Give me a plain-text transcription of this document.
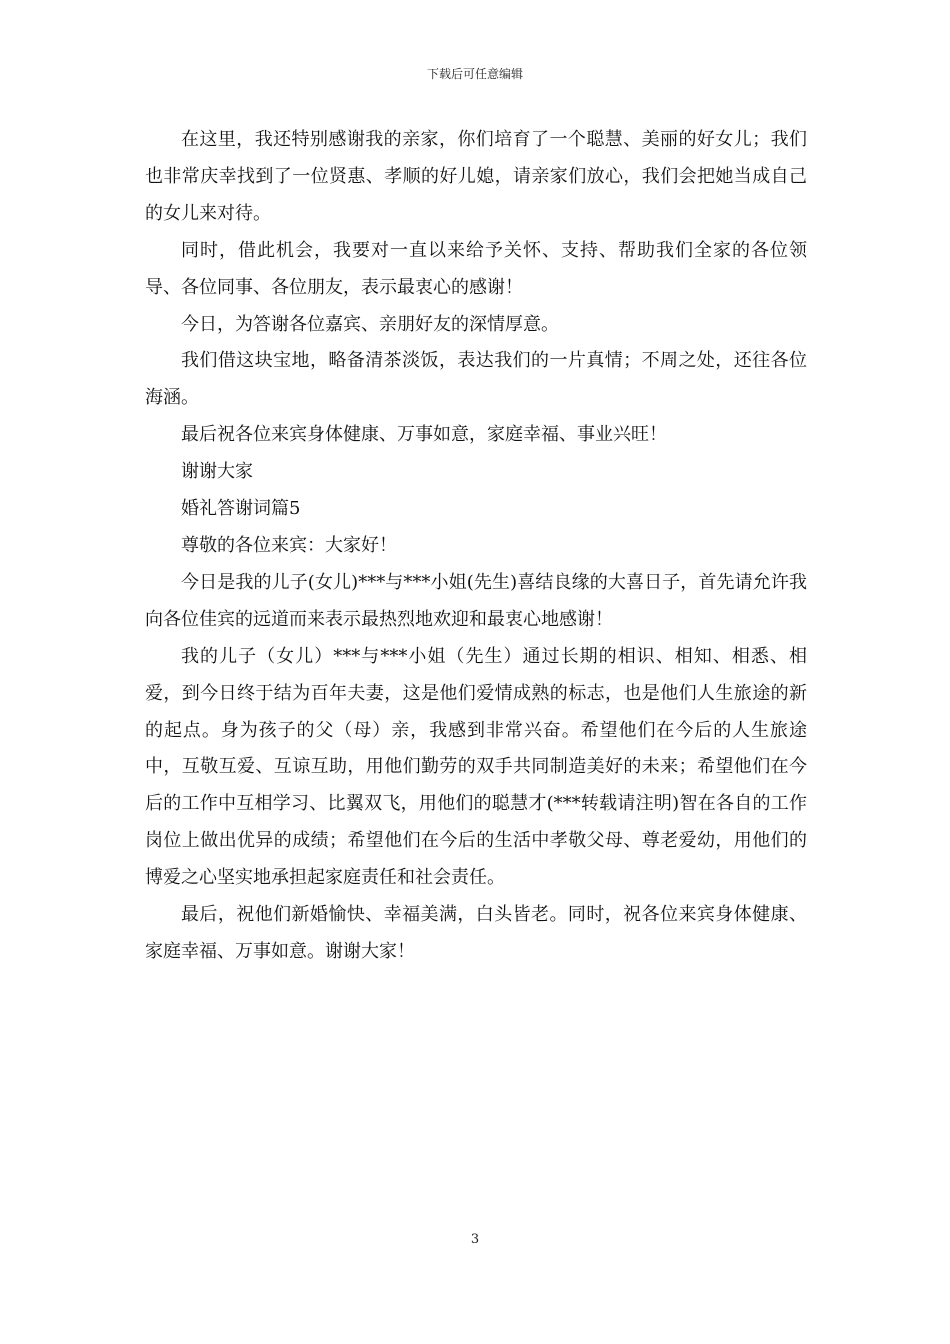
下载后可任意编辑

在这里，我还特别感谢我的亲家，你们培育了一个聪慧、美丽的好女儿；我们也非常庆幸找到了一位贤惠、孝顺的好儿媳，请亲家们放心，我们会把她当成自己的女儿来对待。

同时，借此机会，我要对一直以来给予关怀、支持、帮助我们全家的各位领导、各位同事、各位朋友，表示最衷心的感谢！

今日，为答谢各位嘉宾、亲朋好友的深情厚意。

我们借这块宝地，略备清茶淡饭，表达我们的一片真情；不周之处，还往各位海涵。

最后祝各位来宾身体健康、万事如意，家庭幸福、事业兴旺！

谢谢大家

婚礼答谢词篇5

尊敬的各位来宾：大家好！

今日是我的儿子(女儿)***与***小姐(先生)喜结良缘的大喜日子，首先请允许我向各位佳宾的远道而来表示最热烈地欢迎和最衷心地感谢！

我的儿子（女儿）***与***小姐（先生）通过长期的相识、相知、相悉、相爱，到今日终于结为百年夫妻，这是他们爱情成熟的标志，也是他们人生旅途的新的起点。身为孩子的父（母）亲，我感到非常兴奋。希望他们在今后的人生旅途中，互敬互爱、互谅互助，用他们勤劳的双手共同制造美好的未来；希望他们在今后的工作中互相学习、比翼双飞，用他们的聪慧才(***转载请注明)智在各自的工作岗位上做出优异的成绩；希望他们在今后的生活中孝敬父母、尊老爱幼，用他们的博爱之心坚实地承担起家庭责任和社会责任。

最后，祝他们新婚愉快、幸福美满，白头皆老。同时，祝各位来宾身体健康、家庭幸福、万事如意。谢谢大家！

3
